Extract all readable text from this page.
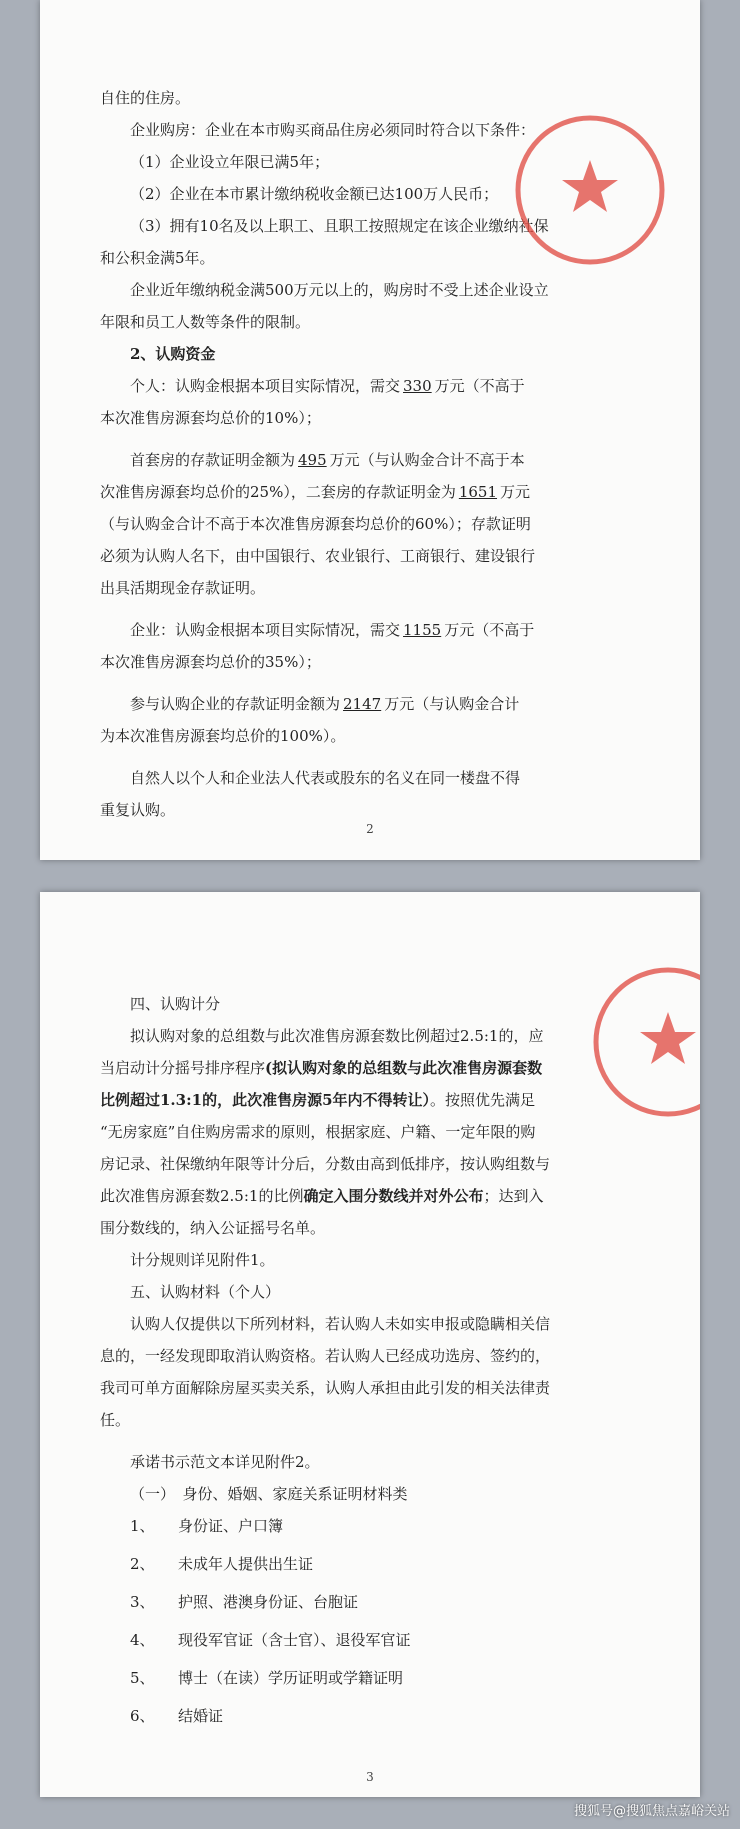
自住的住房。

企业购房：企业在本市购买商品住房必须同时符合以下条件：

（1）企业设立年限已满5年；

（2）企业在本市累计缴纳税收金额已达100万人民币；

（3）拥有10名及以上职工、且职工按照规定在该企业缴纳社保

和公积金满5年。

企业近年缴纳税金满500万元以上的，购房时不受上述企业设立

年限和员工人数等条件的限制。

2、认购资金

个人：认购金根据本项目实际情况，需交 330 万元（不高于

本次准售房源套均总价的10%）；

首套房的存款证明金额为 495 万元（与认购金合计不高于本

次准售房源套均总价的25%），二套房的存款证明金为 1651 万元

（与认购金合计不高于本次准售房源套均总价的60%）；存款证明

必须为认购人名下，由中国银行、农业银行、工商银行、建设银行

出具活期现金存款证明。

企业：认购金根据本项目实际情况，需交 1155 万元（不高于

本次准售房源套均总价的35%）；

参与认购企业的存款证明金额为 2147 万元（与认购金合计

为本次准售房源套均总价的100%）。

自然人以个人和企业法人代表或股东的名义在同一楼盘不得

重复认购。

2

四、认购计分

拟认购对象的总组数与此次准售房源套数比例超过2.5:1的，应

当启动计分摇号排序程序(拟认购对象的总组数与此次准售房源套数

比例超过1.3:1的，此次准售房源5年内不得转让）。按照优先满足

“无房家庭”自住购房需求的原则，根据家庭、户籍、一定年限的购

房记录、社保缴纳年限等计分后，分数由高到低排序，按认购组数与

此次准售房源套数2.5:1的比例确定入围分数线并对外公布；达到入

围分数线的，纳入公证摇号名单。

计分规则详见附件1。

五、认购材料（个人）

认购人仅提供以下所列材料，若认购人未如实申报或隐瞒相关信

息的，一经发现即取消认购资格。若认购人已经成功选房、签约的，

我司可单方面解除房屋买卖关系，认购人承担由此引发的相关法律责

任。

承诺书示范文本详见附件2。

（一）　身份、婚姻、家庭关系证明材料类

1、 身份证、户口簿

2、 未成年人提供出生证

3、 护照、港澳身份证、台胞证

4、 现役军官证（含士官）、退役军官证

5、 博士（在读）学历证明或学籍证明

6、 结婚证

3
搜狐号@搜狐焦点嘉峪关站
